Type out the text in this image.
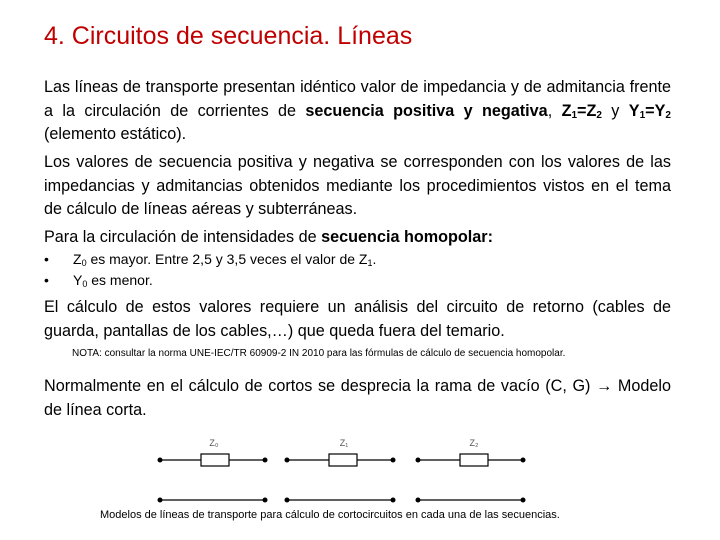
4. Circuitos de secuencia. Líneas

Las líneas de transporte presentan idéntico valor de impedancia y de admitancia frente a la circulación de corrientes de secuencia positiva y negativa, $Z_1=Z_2$ y $Y_1=Y_2$ (elemento estático).

Los valores de secuencia positiva y negativa se corresponden con los valores de las impedancias y admitancias obtenidos mediante los procedimientos vistos en el tema de cálculo de líneas aéreas y subterráneas.

Para la circulación de intensidades de secuencia homopolar:

• $Z_0$ es mayor. Entre 2,5 y 3,5 veces el valor de $Z_1$.
• $Y_0$ es menor.

El cálculo de estos valores requiere un análisis del circuito de retorno (cables de guarda, pantallas de los cables,…) que queda fuera del temario.

NOTA: consultar la norma UNE-IEC/TR 60909-2 IN 2010 para las fórmulas de cálculo de secuencia homopolar.

Normalmente en el cálculo de cortos se desprecia la rama de vacío (C, G) → Modelo de línea corta.

Z₀	Z₁	Z₂

Modelos de líneas de transporte para cálculo de cortocircuitos en cada una de las secuencias.
